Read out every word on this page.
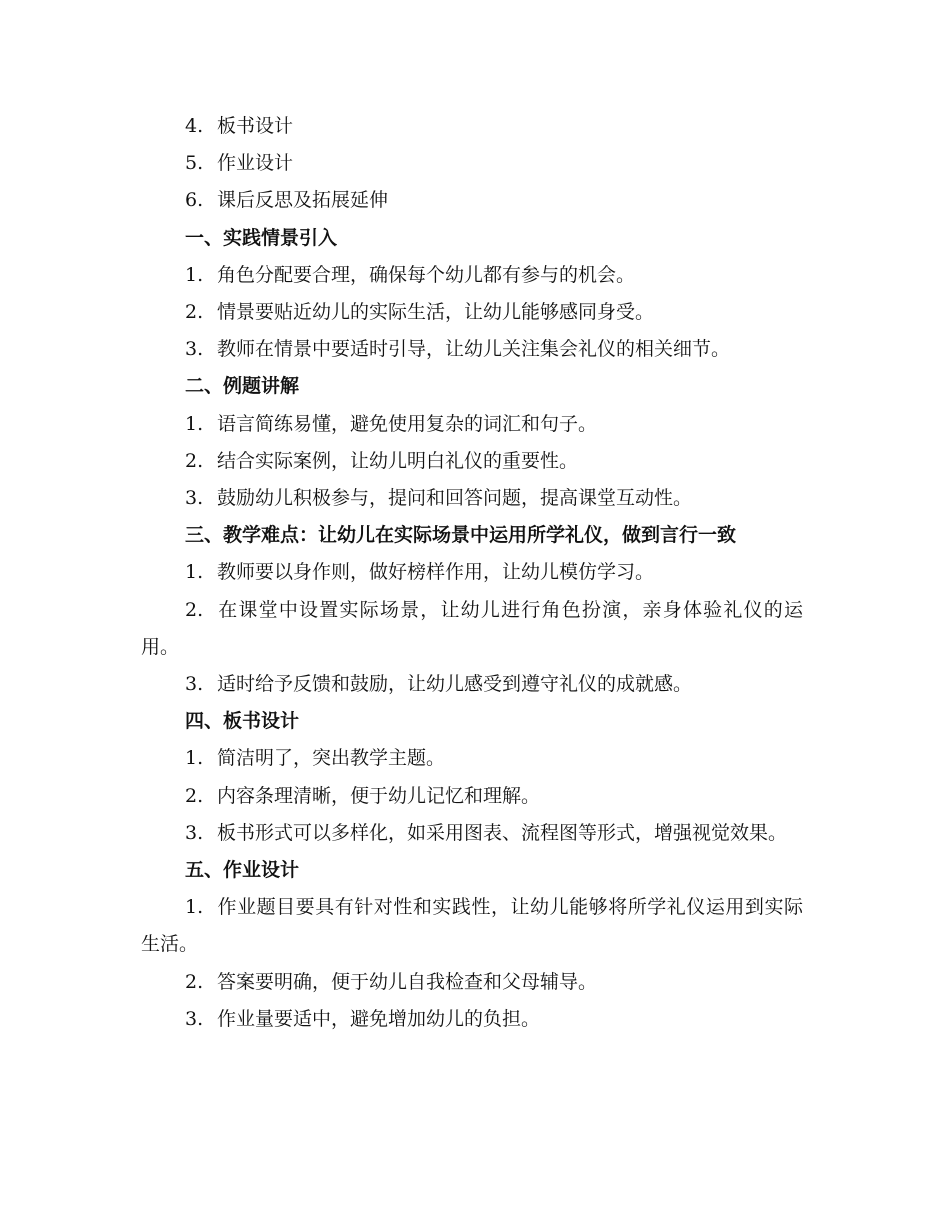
4. 板书设计

5. 作业设计

6. 课后反思及拓展延伸

一、实践情景引入

1. 角色分配要合理，确保每个幼儿都有参与的机会。

2. 情景要贴近幼儿的实际生活，让幼儿能够感同身受。

3. 教师在情景中要适时引导，让幼儿关注集会礼仪的相关细节。

二、例题讲解

1. 语言简练易懂，避免使用复杂的词汇和句子。

2. 结合实际案例，让幼儿明白礼仪的重要性。

3. 鼓励幼儿积极参与，提问和回答问题，提高课堂互动性。

三、教学难点：让幼儿在实际场景中运用所学礼仪，做到言行一致

1. 教师要以身作则，做好榜样作用，让幼儿模仿学习。

2. 在课堂中设置实际场景，让幼儿进行角色扮演，亲身体验礼仪的运用。

3. 适时给予反馈和鼓励，让幼儿感受到遵守礼仪的成就感。

四、板书设计

1. 简洁明了，突出教学主题。

2. 内容条理清晰，便于幼儿记忆和理解。

3. 板书形式可以多样化，如采用图表、流程图等形式，增强视觉效果。

五、作业设计

1. 作业题目要具有针对性和实践性，让幼儿能够将所学礼仪运用到实际生活。

2. 答案要明确，便于幼儿自我检查和父母辅导。

3. 作业量要适中，避免增加幼儿的负担。
